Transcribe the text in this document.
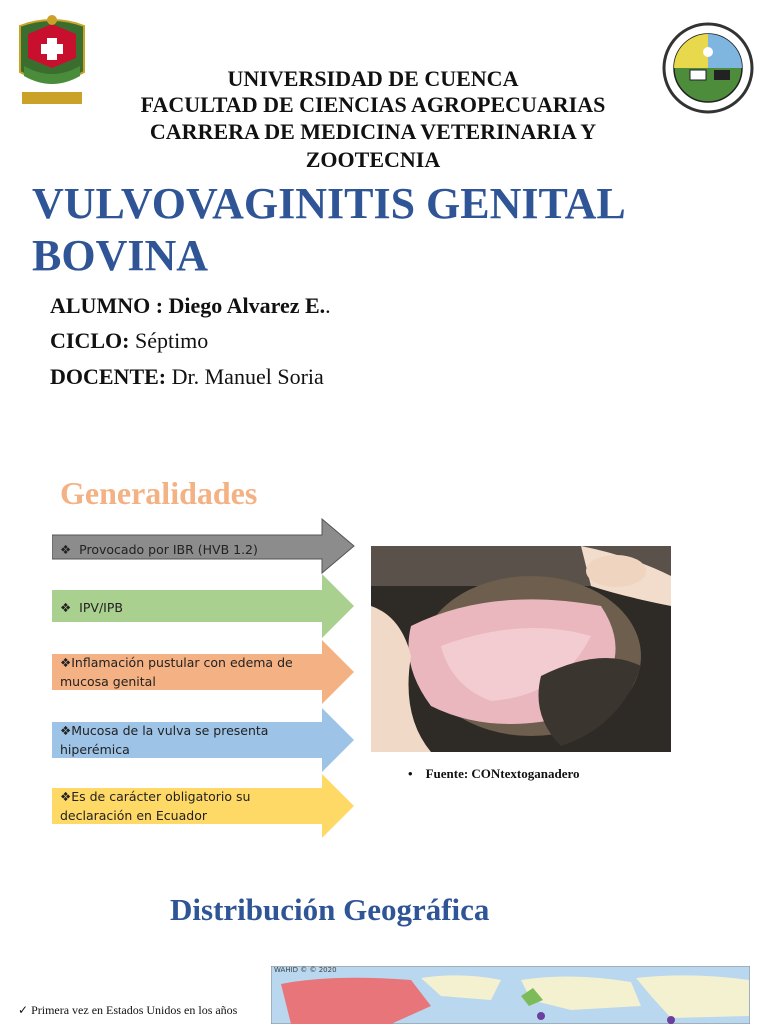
UNIVERSIDAD DE CUENCA
FACULTAD DE CIENCIAS AGROPECUARIAS
CARRERA DE MEDICINA VETERINARIA Y
ZOOTECNIA
VULVOVAGINITIS GENITAL BOVINA
ALUMNO : Diego Alvarez E..
CICLO: Séptimo
DOCENTE: Dr. Manuel Soria
Generalidades
❖ Provocado por IBR (HVB 1.2)
❖ IPV/IPB
❖Inflamación pustular con edema de mucosa genital
❖Mucosa de la vulva se presenta hiperémica
❖Es de carácter obligatorio su declaración en Ecuador
• Fuente: CONtextoganadero
Distribución Geográfica
WAHID © © 2020
✓ Primera vez en Estados Unidos en los años
